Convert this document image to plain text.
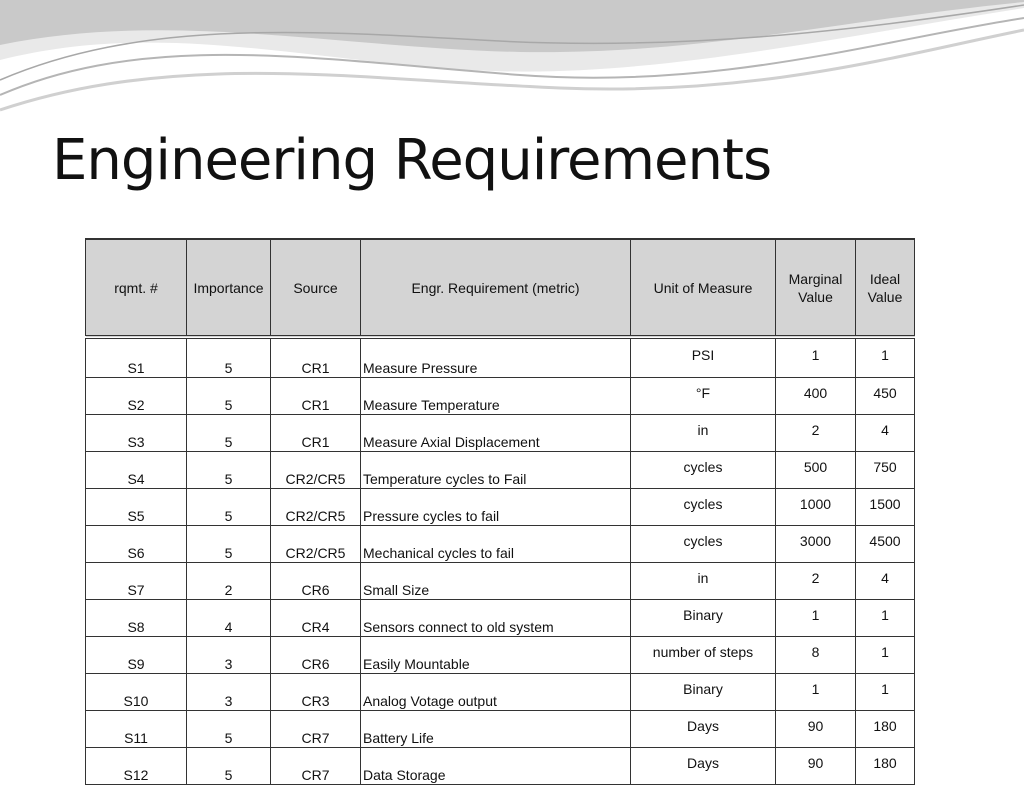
Engineering Requirements
rqmt. #	Importance	Source	Engr. Requirement (metric)	Unit of Measure	Marginal Value	Ideal Value
S1	5	CR1	Measure Pressure	PSI	1	1
S2	5	CR1	Measure Temperature	°F	400	450
S3	5	CR1	Measure Axial Displacement	in	2	4
S4	5	CR2/CR5	Temperature cycles to Fail	cycles	500	750
S5	5	CR2/CR5	Pressure cycles to fail	cycles	1000	1500
S6	5	CR2/CR5	Mechanical cycles to fail	cycles	3000	4500
S7	2	CR6	Small Size	in	2	4
S8	4	CR4	Sensors connect to old system	Binary	1	1
S9	3	CR6	Easily Mountable	number of steps	8	1
S10	3	CR3	Analog Votage output	Binary	1	1
S11	5	CR7	Battery Life	Days	90	180
S12	5	CR7	Data Storage	Days	90	180
